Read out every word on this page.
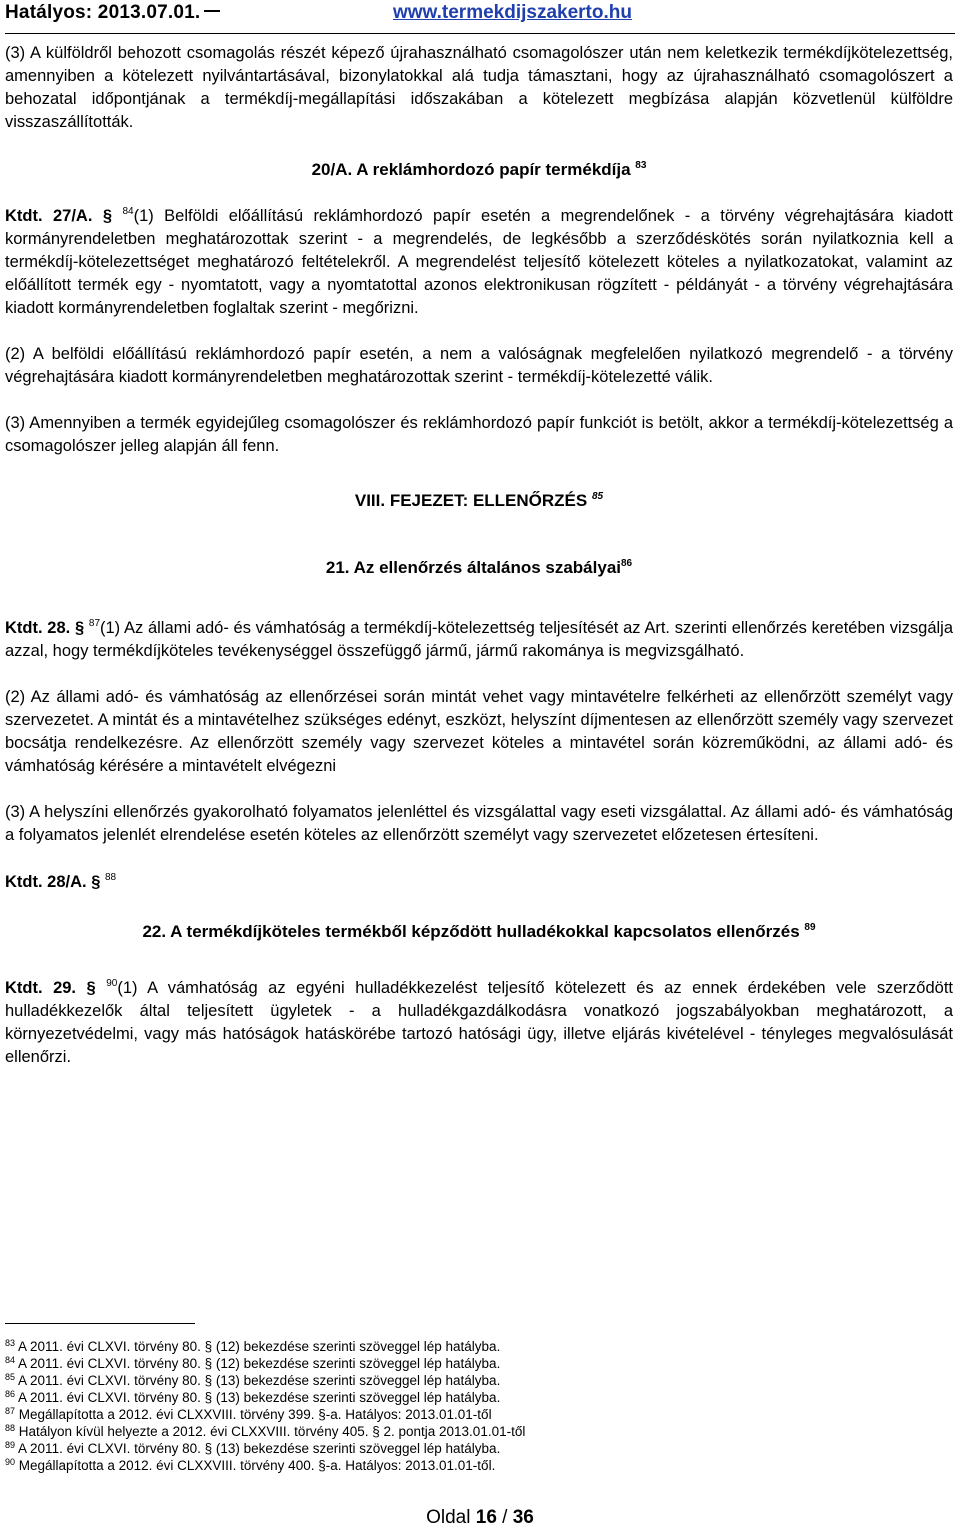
Hatályos: 2013.07.01.	www.termekdijszakerto.hu

(3) A külföldről behozott csomagolás részét képező újrahasználható csomagolószer után nem keletkezik termékdíjkötelezettség, amennyiben a kötelezett nyilvántartásával, bizonylatokkal alá tudja támasztani, hogy az újrahasználható csomagolószert a behozatal időpontjának a termékdíj-megállapítási időszakában a kötelezett megbízása alapján közvetlenül külföldre visszaszállították.

20/A. A reklámhordozó papír termékdíja $^{83}$

Ktdt. 27/A. § $^{84}$(1) Belföldi előállítású reklámhordozó papír esetén a megrendelőnek - a törvény végrehajtására kiadott kormányrendeletben meghatározottak szerint - a megrendelés, de legkésőbb a szerződéskötés során nyilatkoznia kell a termékdíj-kötelezettséget meghatározó feltételekről. A megrendelést teljesítő kötelezett köteles a nyilatkozatokat, valamint az előállított termék egy - nyomtatott, vagy a nyomtatottal azonos elektronikusan rögzített - példányát - a törvény végrehajtására kiadott kormányrendeletben foglaltak szerint - megőrizni.

(2) A belföldi előállítású reklámhordozó papír esetén, a nem a valóságnak megfelelően nyilatkozó megrendelő - a törvény végrehajtására kiadott kormányrendeletben meghatározottak szerint - termékdíj-kötelezetté válik.

(3) Amennyiben a termék egyidejűleg csomagolószer és reklámhordozó papír funkciót is betölt, akkor a termékdíj-kötelezettség a csomagolószer jelleg alapján áll fenn.

VIII. FEJEZET: ELLENŐRZÉS $^{85}$

21. Az ellenőrzés általános szabályai$^{86}$

Ktdt. 28. § $^{87}$(1) Az állami adó- és vámhatóság a termékdíj-kötelezettség teljesítését az Art. szerinti ellenőrzés keretében vizsgálja azzal, hogy termékdíjköteles tevékenységgel összefüggő jármű, jármű rakománya is megvizsgálható.

(2) Az állami adó- és vámhatóság az ellenőrzései során mintát vehet vagy mintavételre felkérheti az ellenőrzött személyt vagy szervezetet. A mintát és a mintavételhez szükséges edényt, eszközt, helyszínt díjmentesen az ellenőrzött személy vagy szervezet bocsátja rendelkezésre. Az ellenőrzött személy vagy szervezet köteles a mintavétel során közreműködni, az állami adó- és vámhatóság kérésére a mintavételt elvégezni

(3) A helyszíni ellenőrzés gyakorolható folyamatos jelenléttel és vizsgálattal vagy eseti vizsgálattal. Az állami adó- és vámhatóság a folyamatos jelenlét elrendelése esetén köteles az ellenőrzött személyt vagy szervezetet előzetesen értesíteni.

Ktdt. 28/A. § $^{88}$

22. A termékdíjköteles termékből képződött hulladékokkal kapcsolatos ellenőrzés $^{89}$

Ktdt. 29. § $^{90}$(1) A vámhatóság az egyéni hulladékkezelést teljesítő kötelezett és az ennek érdekében vele szerződött hulladékkezelők által teljesített ügyletek - a hulladékgazdálkodásra vonatkozó jogszabályokban meghatározott, a környezetvédelmi, vagy más hatóságok hatáskörébe tartozó hatósági ügy, illetve eljárás kivételével - tényleges megvalósulását ellenőrzi.

$^{83}$ A 2011. évi CLXVI. törvény 80. § (12) bekezdése szerinti szöveggel lép hatályba.

$^{84}$ A 2011. évi CLXVI. törvény 80. § (12) bekezdése szerinti szöveggel lép hatályba.

$^{85}$ A 2011. évi CLXVI. törvény 80. § (13) bekezdése szerinti szöveggel lép hatályba.

$^{86}$ A 2011. évi CLXVI. törvény 80. § (13) bekezdése szerinti szöveggel lép hatályba.

$^{87}$ Megállapította a 2012. évi CLXXVIII. törvény 399. §-a. Hatályos: 2013.01.01-től

$^{88}$ Hatályon kívül helyezte a 2012. évi CLXXVIII. törvény 405. § 2. pontja 2013.01.01-től

$^{89}$ A 2011. évi CLXVI. törvény 80. § (13) bekezdése szerinti szöveggel lép hatályba.

$^{90}$ Megállapította a 2012. évi CLXXVIII. törvény 400. §-a. Hatályos: 2013.01.01-től.

Oldal 16 / 36
